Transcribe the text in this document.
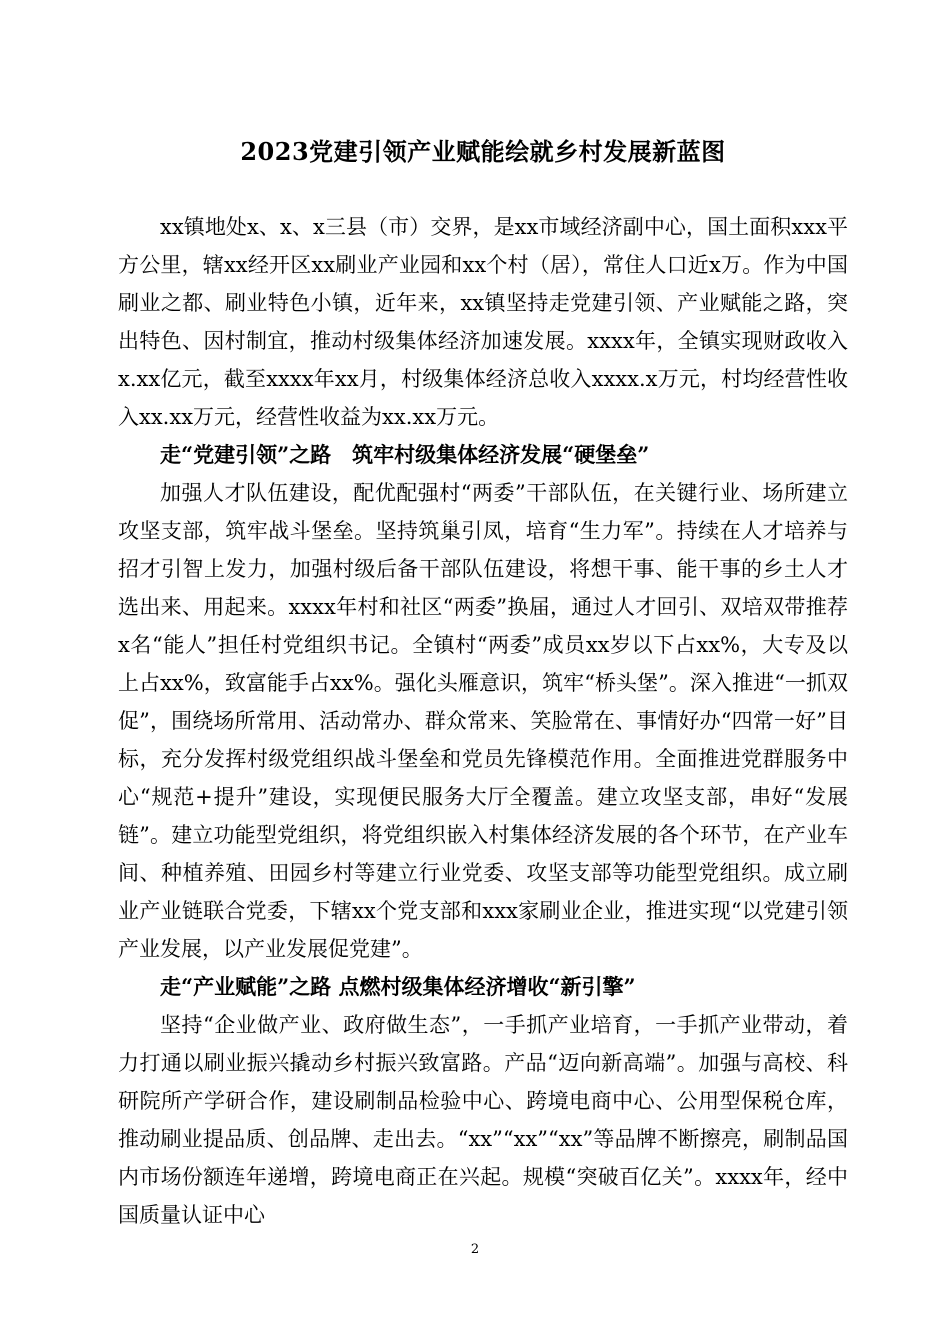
2023党建引领产业赋能绘就乡村发展新蓝图

xx镇地处x、x、x三县（市）交界，是xx市域经济副中心，国土面积xxx平方公里，辖xx经开区xx刷业产业园和xx个村（居），常住人口近x万。作为中国刷业之都、刷业特色小镇，近年来，xx镇坚持走党建引领、产业赋能之路，突出特色、因村制宜，推动村级集体经济加速发展。xxxx年，全镇实现财政收入x.xx亿元，截至xxxx年xx月，村级集体经济总收入xxxx.x万元，村均经营性收入xx.xx万元，经营性收益为xx.xx万元。

走“党建引领”之路　筑牢村级集体经济发展“硬堡垒”

加强人才队伍建设，配优配强村“两委”干部队伍，在关键行业、场所建立攻坚支部，筑牢战斗堡垒。坚持筑巢引凤，培育“生力军”。持续在人才培养与招才引智上发力，加强村级后备干部队伍建设，将想干事、能干事的乡土人才选出来、用起来。xxxx年村和社区“两委”换届，通过人才回引、双培双带推荐x名“能人”担任村党组织书记。全镇村“两委”成员xx岁以下占xx%，大专及以上占xx%，致富能手占xx%。强化头雁意识，筑牢“桥头堡”。深入推进“一抓双促”，围绕场所常用、活动常办、群众常来、笑脸常在、事情好办“四常一好”目标，充分发挥村级党组织战斗堡垒和党员先锋模范作用。全面推进党群服务中心“规范+提升”建设，实现便民服务大厅全覆盖。建立攻坚支部，串好“发展链”。建立功能型党组织，将党组织嵌入村集体经济发展的各个环节，在产业车间、种植养殖、田园乡村等建立行业党委、攻坚支部等功能型党组织。成立刷业产业链联合党委，下辖xx个党支部和xxx家刷业企业，推进实现“以党建引领产业发展，以产业发展促党建”。

走“产业赋能”之路 点燃村级集体经济增收“新引擎”

坚持“企业做产业、政府做生态”，一手抓产业培育，一手抓产业带动，着力打通以刷业振兴撬动乡村振兴致富路。产品“迈向新高端”。加强与高校、科研院所产学研合作，建设刷制品检验中心、跨境电商中心、公用型保税仓库，推动刷业提品质、创品牌、走出去。“xx”“xx”“xx”等品牌不断擦亮，刷制品国内市场份额连年递增，跨境电商正在兴起。规模“突破百亿关”。xxxx年，经中国质量认证中心

2
